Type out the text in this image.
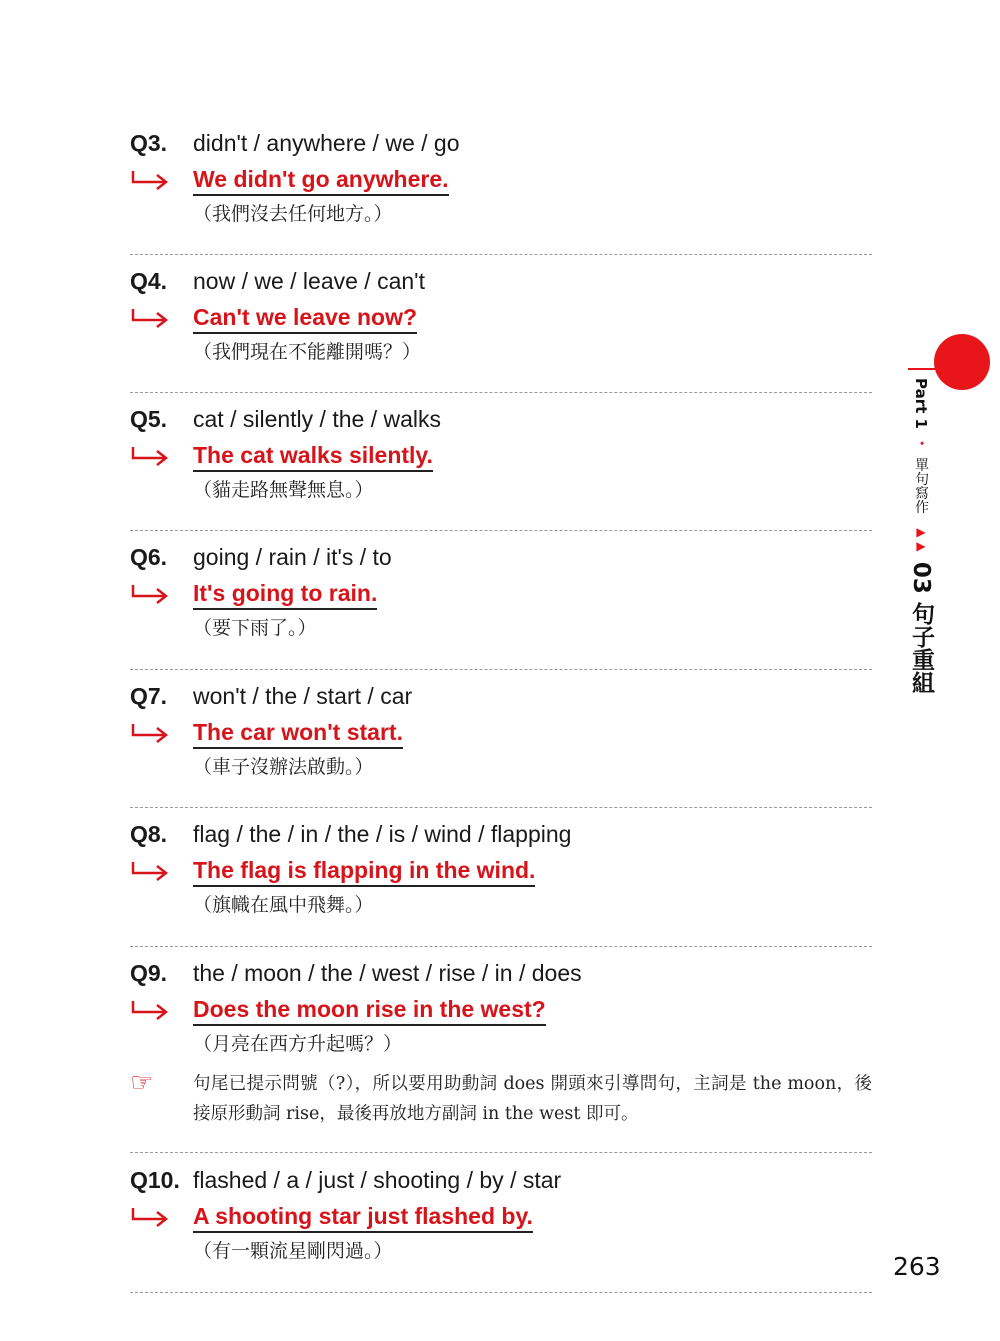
Q3.	didn't / anywhere / we / go
We didn't go anywhere.
（我們沒去任何地方。）
Q4.	now / we / leave / can't
Can't we leave now?
（我們現在不能離開嗎？）
Q5.	cat / silently / the / walks
The cat walks silently.
（貓走路無聲無息。）
Q6.	going / rain / it's / to
It's going to rain.
（要下雨了。）
Q7.	won't / the / start / car
The car won't start.
（車子沒辦法啟動。）
Q8.	flag / the / in / the / is / wind / flapping
The flag is flapping in the wind.
（旗幟在風中飛舞。）
Q9.	the / moon / the / west / rise / in / does
Does the moon rise in the west?
（月亮在西方升起嗎？）
☞	句尾已提示問號（?），所以要用助動詞 does 開頭來引導問句，主詞是 the moon，後接原形動詞 rise，最後再放地方副詞 in the west 即可。
Q10. flashed / a / just / shooting / by / star
A shooting star just flashed by.
（有一顆流星剛閃過。）
Part 1 • 單句寫作 ▶▶ 03 句子重組
263
